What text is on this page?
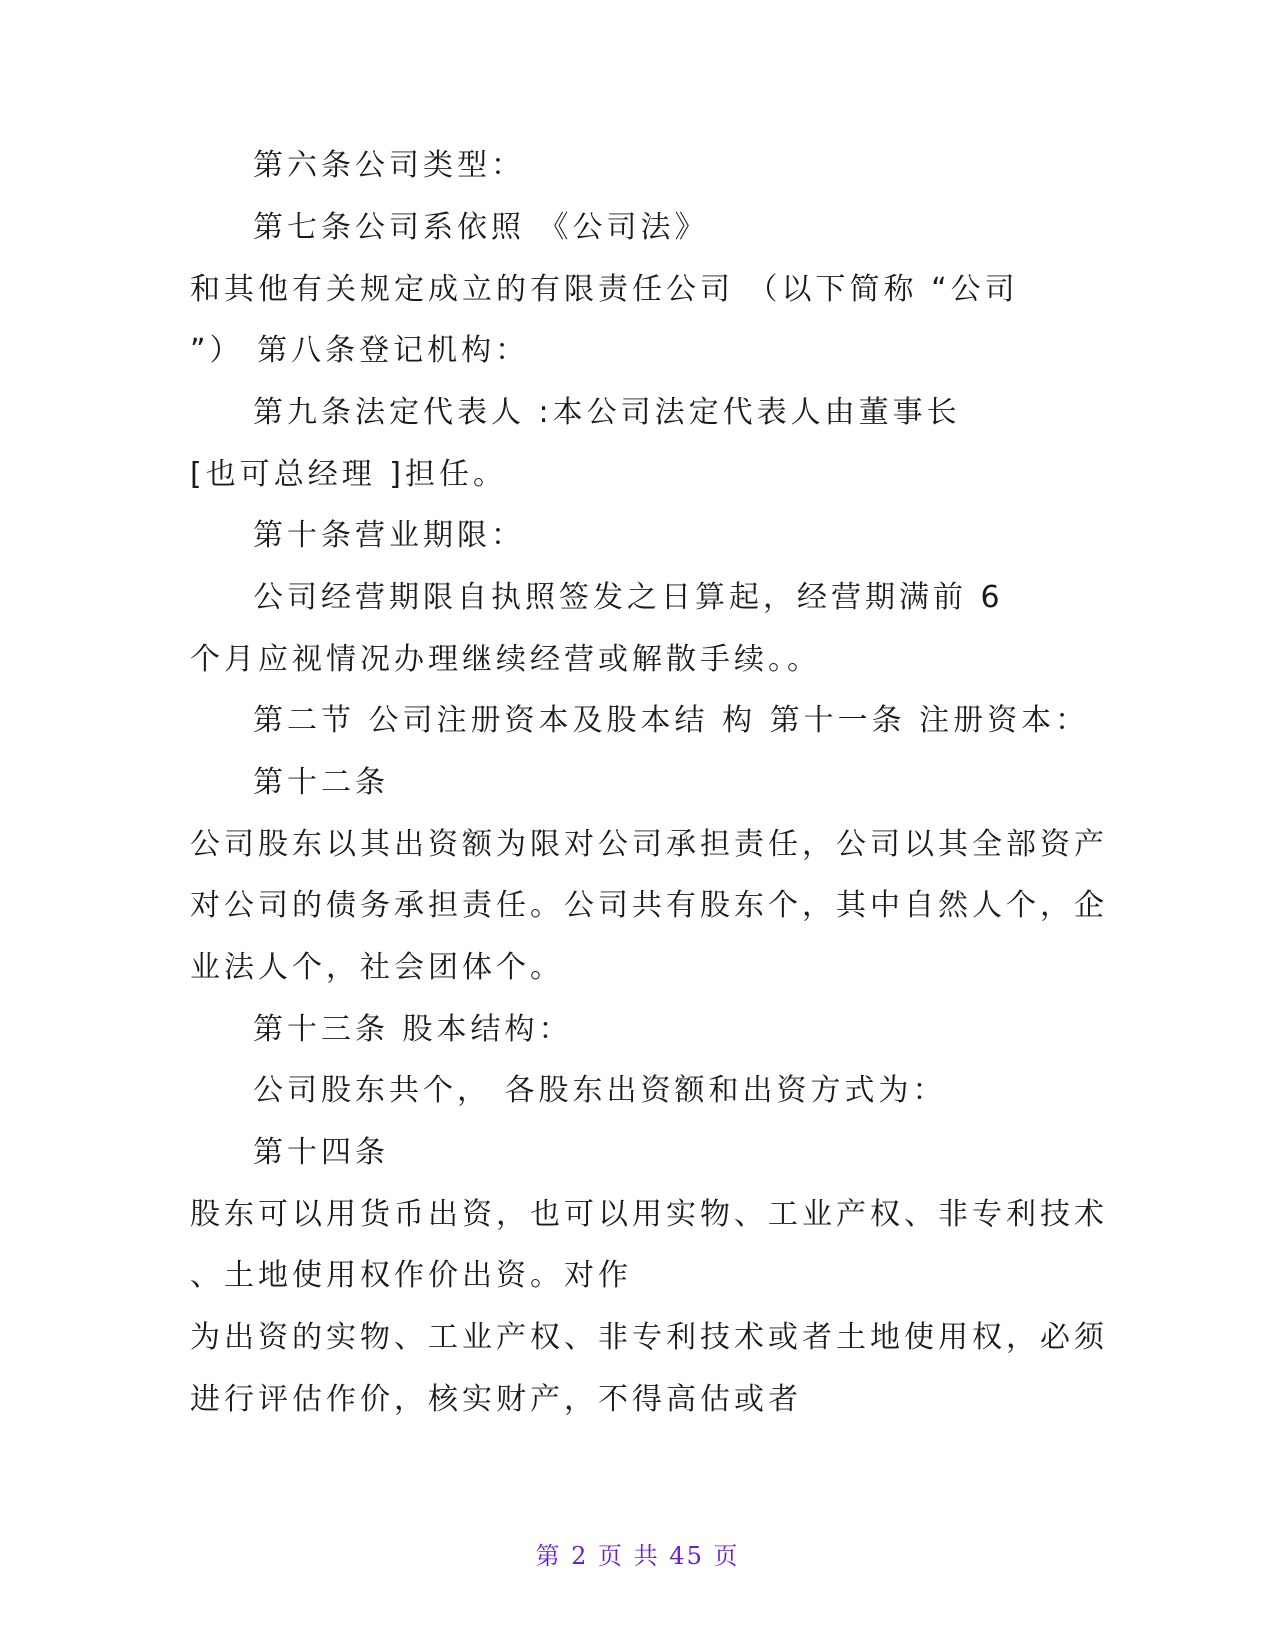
第六条公司类型：
第七条公司系依照 《公司法》
和其他有关规定成立的有限责任公司 （以下简称 “公司
”） 第八条登记机构：
第九条法定代表人 :本公司法定代表人由董事长
[也可总经理 ]担任。
第十条营业期限：
公司经营期限自执照签发之日算起，经营期满前 6
个月应视情况办理继续经营或解散手续。。
第二节 公司注册资本及股本结 构 第十一条 注册资本：
第十二条
公司股东以其出资额为限对公司承担责任，公司以其全部资产
对公司的债务承担责任。公司共有股东个，其中自然人个，企
业法人个，社会团体个。
第十三条 股本结构：
公司股东共个， 各股东出资额和出资方式为：
第十四条
股东可以用货币出资，也可以用实物、工业产权、非专利技术
、土地使用权作价出资。对作
为出资的实物、工业产权、非专利技术或者土地使用权，必须
进行评估作价，核实财产，不得高估或者
第 2 页 共 45 页
